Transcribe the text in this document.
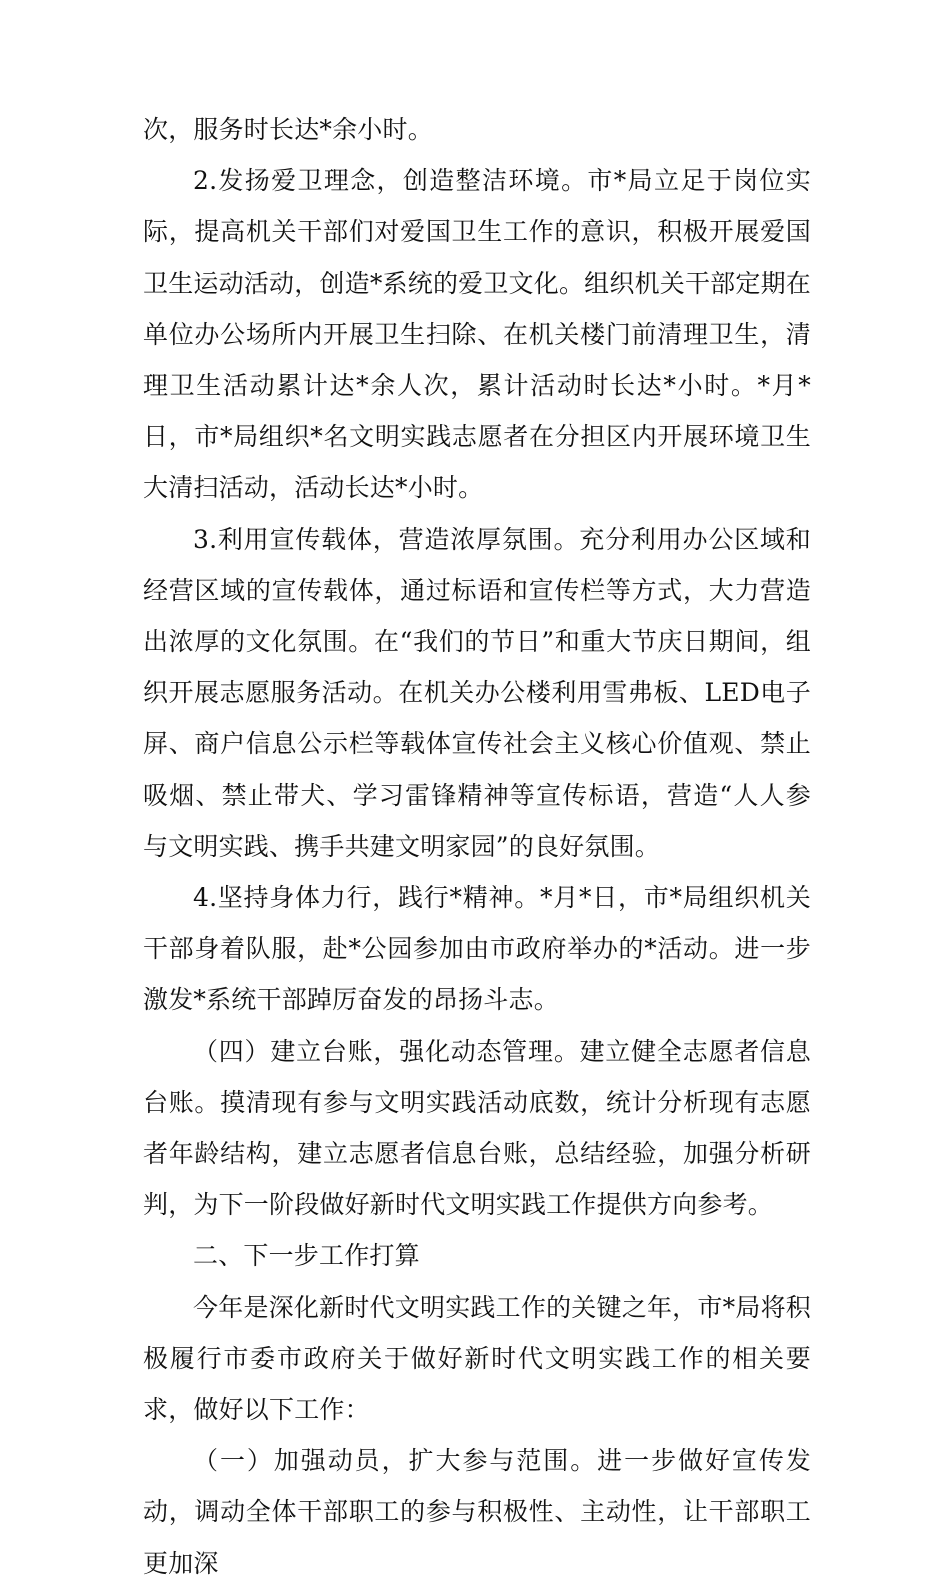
次，服务时长达*余小时。

2.发扬爱卫理念，创造整洁环境。市*局立足于岗位实际，提高机关干部们对爱国卫生工作的意识，积极开展爱国卫生运动活动，创造*系统的爱卫文化。组织机关干部定期在单位办公场所内开展卫生扫除、在机关楼门前清理卫生，清理卫生活动累计达*余人次，累计活动时长达*小时。*月*日，市*局组织*名文明实践志愿者在分担区内开展环境卫生大清扫活动，活动长达*小时。

3.利用宣传载体，营造浓厚氛围。充分利用办公区域和经营区域的宣传载体，通过标语和宣传栏等方式，大力营造出浓厚的文化氛围。在“我们的节日”和重大节庆日期间，组织开展志愿服务活动。在机关办公楼利用雪弗板、LED电子屏、商户信息公示栏等载体宣传社会主义核心价值观、禁止吸烟、禁止带犬、学习雷锋精神等宣传标语，营造“人人参与文明实践、携手共建文明家园”的良好氛围。

4.坚持身体力行，践行*精神。*月*日，市*局组织机关干部身着队服，赴*公园参加由市政府举办的*活动。进一步激发*系统干部踔厉奋发的昂扬斗志。

（四）建立台账，强化动态管理。建立健全志愿者信息台账。摸清现有参与文明实践活动底数，统计分析现有志愿者年龄结构，建立志愿者信息台账，总结经验，加强分析研判，为下一阶段做好新时代文明实践工作提供方向参考。

二、下一步工作打算

今年是深化新时代文明实践工作的关键之年，市*局将积极履行市委市政府关于做好新时代文明实践工作的相关要求，做好以下工作：

（一）加强动员，扩大参与范围。进一步做好宣传发动，调动全体干部职工的参与积极性、主动性，让干部职工更加深
